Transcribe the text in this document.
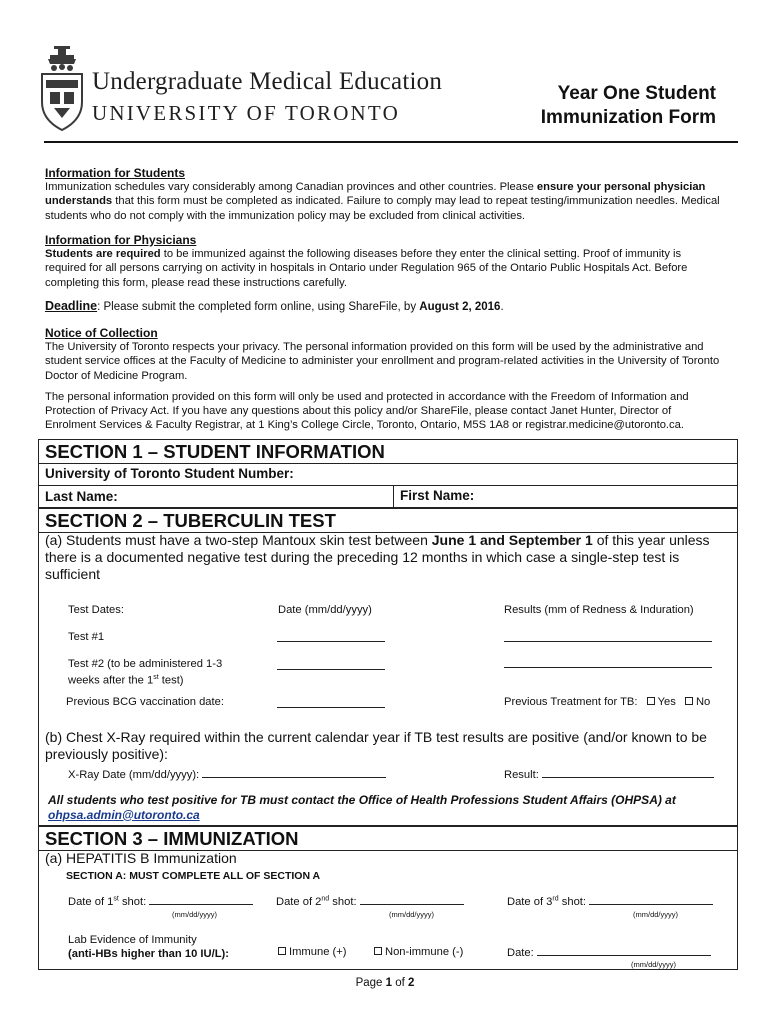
Undergraduate Medical Education
UNIVERSITY OF TORONTO
Year One Student
Immunization Form
Information for Students
Immunization schedules vary considerably among Canadian provinces and other countries. Please ensure your personal physician understands that this form must be completed as indicated. Failure to comply may lead to repeat testing/immunization needles. Medical students who do not comply with the immunization policy may be excluded from clinical activities.
Information for Physicians
Students are required to be immunized against the following diseases before they enter the clinical setting. Proof of immunity is required for all persons carrying on activity in hospitals in Ontario under Regulation 965 of the Ontario Public Hospitals Act. Before completing this form, please read these instructions carefully.
Deadline: Please submit the completed form online, using ShareFile, by August 2, 2016.
Notice of Collection
The University of Toronto respects your privacy. The personal information provided on this form will be used by the administrative and student service offices at the Faculty of Medicine to administer your enrollment and program-related activities in the University of Toronto Doctor of Medicine Program.
The personal information provided on this form will only be used and protected in accordance with the Freedom of Information and Protection of Privacy Act. If you have any questions about this policy and/or ShareFile, please contact Janet Hunter, Director of Enrolment Services & Faculty Registrar, at 1 King’s College Circle, Toronto, Ontario, M5S 1A8 or registrar.medicine@utoronto.ca.
SECTION 1 – STUDENT INFORMATION
University of Toronto Student Number:
Last Name:	First Name:
SECTION 2 – TUBERCULIN TEST
(a) Students must have a two-step Mantoux skin test between June 1 and September 1 of this year unless there is a documented negative test during the preceding 12 months in which case a single-step test is sufficient
Test Dates:	Date (mm/dd/yyyy)	Results (mm of Redness & Induration)
Test #1
Test #2 (to be administered 1-3
weeks after the 1st test)
Previous BCG vaccination date:	Previous Treatment for TB: Yes No
(b) Chest X-Ray required within the current calendar year if TB test results are positive (and/or known to be previously positive):
X-Ray Date (mm/dd/yyyy):	Result:
All students who test positive for TB must contact the Office of Health Professions Student Affairs (OHPSA) at
ohpsa.admin@utoronto.ca
SECTION 3 – IMMUNIZATION
(a) HEPATITIS B Immunization
SECTION A: MUST COMPLETE ALL OF SECTION A
Date of 1st shot:
(mm/dd/yyyy)
Date of 2nd shot:
(mm/dd/yyyy)
Date of 3rd shot:
(mm/dd/yyyy)
Lab Evidence of Immunity
(anti-HBs higher than 10 IU/L):	Immune (+)	Non-immune (-)	Date:
(mm/dd/yyyy)
Page 1 of 2
